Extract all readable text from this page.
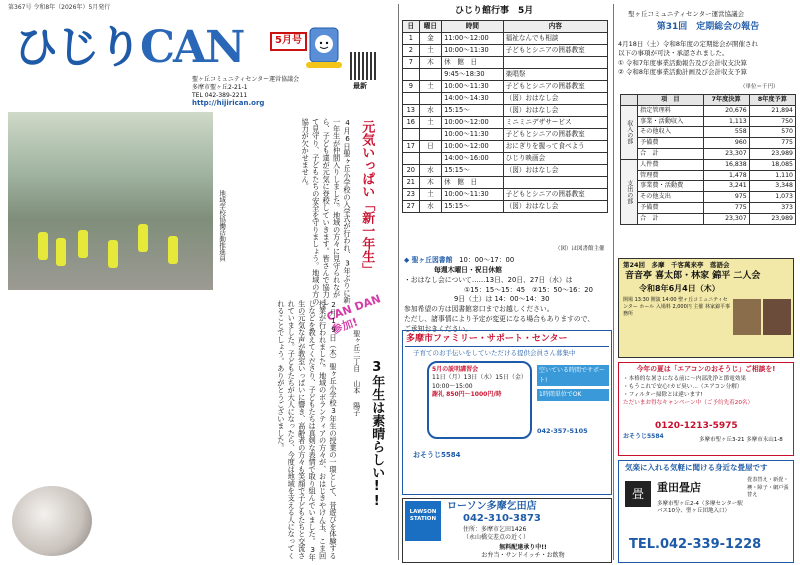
第367号 令和8年（2026年）5月発行
ひじりCAN	5月号
最新
聖ヶ丘コミュニティセンター運営協議会
多摩市聖ヶ丘2-21-1
TEL 042-389-2211
http://hijirican.org
元気いっぱい「新一年生」
4月6日聖ヶ丘小学校の入学式が行われ、3年ぶりに新一年生が仲間入りしました。地域の方々に見守られながら、子ども達が元気に登校していきます。皆さんで協力して見守り、子どもたちの安全を守りましょう。地域の方の協力が欠かせません。
地域学校協働活動推進員
CAN DAN 参加!
3年生は素晴らしい!!
聖ヶ丘二丁目 山本 陽子
2月19日（木）聖ヶ丘小学校3年生の授業の一環として、昔遊びを体験する授業が行われました。地域のボランティアの方々が、おはじきやけん玉、こま回しなどを教えてくださり、子どもたちは真剣な表情で取り組んでいました。3年生の元気な声が教室いっぱいに響き、高齢者の方々も笑顔で子どもたちと交流されていました。子どもたちが大人になったら、今度は地域を支える人になってくれることでしょう。ありがとうございました。
ひじり館行事　5月
日	曜日	時間	内容
1	金	11:00〜12:00	福祉なんでも相談
2	土	10:00〜11:30	子どもとシニアの囲碁教室
7	木	休　館　日	
		9:45〜18:30	楽唱祭
9	土	10:00〜11:30	子どもとシニアの囲碁教室
		14:00〜14:30	（図）おはなし会
13	水	15:15〜	（図）おはなし会
16	土	10:00〜12:00	ミニミニデザサービス
		10:00〜11:30	子どもとシニアの囲碁教室
17	日	10:00〜12:00	おにぎりを握って食べよう
		14:00〜16:00	ひじり映画会
20	水	15:15〜	（図）おはなし会
21	木	休　館　日	
23	土	10:00〜11:30	子どもとシニアの囲碁教室
27	水	15:15〜	（図）おはなし会
（図）は図書館主催
◆ 聖ヶ丘図書館　 10：00〜17：00
毎週木曜日・祝日休館
・おはなし会について……13日、20日、27日（水）は
①15：15〜15：45　②15：50〜16：20
9日（土）は 14：00〜14：30
参加希望の方は図書館窓口までお越しください。
ただし、諸事情により予定が変更になる場合もありますので、
ご承知おきください。
多摩市ファミリー・サポート・センター
子育てのお手伝いをしていただける提供会員さん募集中
5月の説明講習会
11日（月）13日（水）15日（金）
10:00〜15:00
謝礼 850円〜1000円/時
空いている時間でサポート!
1時間単位でOK
042-357-5105
おそうじ5584
LAWSON STATION
ローソン多摩乞田店
042-310-3873
住所：多摩市乞田1426
（永山橋交差点の近く）
無料配達承り中!!
お弁当・サンドイッチ・お飲物
聖ヶ丘コミュニティセンター運営協議会
第31回　定期総会の報告
4月18日（土）令和8年度の定期総会が開催され
以下の事項が可決・承認されました。
① 令和7年度事業活動報告及び会計収支決算
② 令和8年度事業活動計画及び会計収支予算
（単位＝千円）
	項　目	7年度決算	8年度予算
収入の部	指定管理料	20,676	21,894
	事業・活動収入	1,113	750
	その他収入	558	570
	予備費	960	775
	合　計	23,307	23,989
支出の部	人件費	16,838	18,085
	管理費	1,478	1,110
	事業費・活動費	3,241	3,348
	その他支出	975	1,073
	予備費	775	373
	合　計	23,307	23,989
第24回　多摩　千客萬来亭　落語会
音音亭 喜太郎・林家 錦平 二人会
令和8年6月4日（木）
開場 13:30 開演 14:00 聖ヶ丘コミュニティセンター ホール 入場料 2,000円 主催 林家錦平事務所
今年の夏は「エアコンのおそうじ」ご相談を!
・本格的な暑さになる前に〜内部洗浄と節電効果
・もうこれで安心!カビ臭い…（エアコン分解）
・フィルター掃除とは違います!
ただいまお得なキャンペーン中（ご予約先着20名）
0120-1213-5975
おそうじ5584	多摩市聖ヶ丘3-21 多摩市永山1-8
気楽に入れる気軽に聞ける身近な畳屋です
畳	重田畳店
多摩市聖ヶ丘2-4（多摩センター駅バス10分、聖ヶ丘団地入口）
畳表替え・新畳・襖・障子・網戸張替え
TEL.042-339-1228
